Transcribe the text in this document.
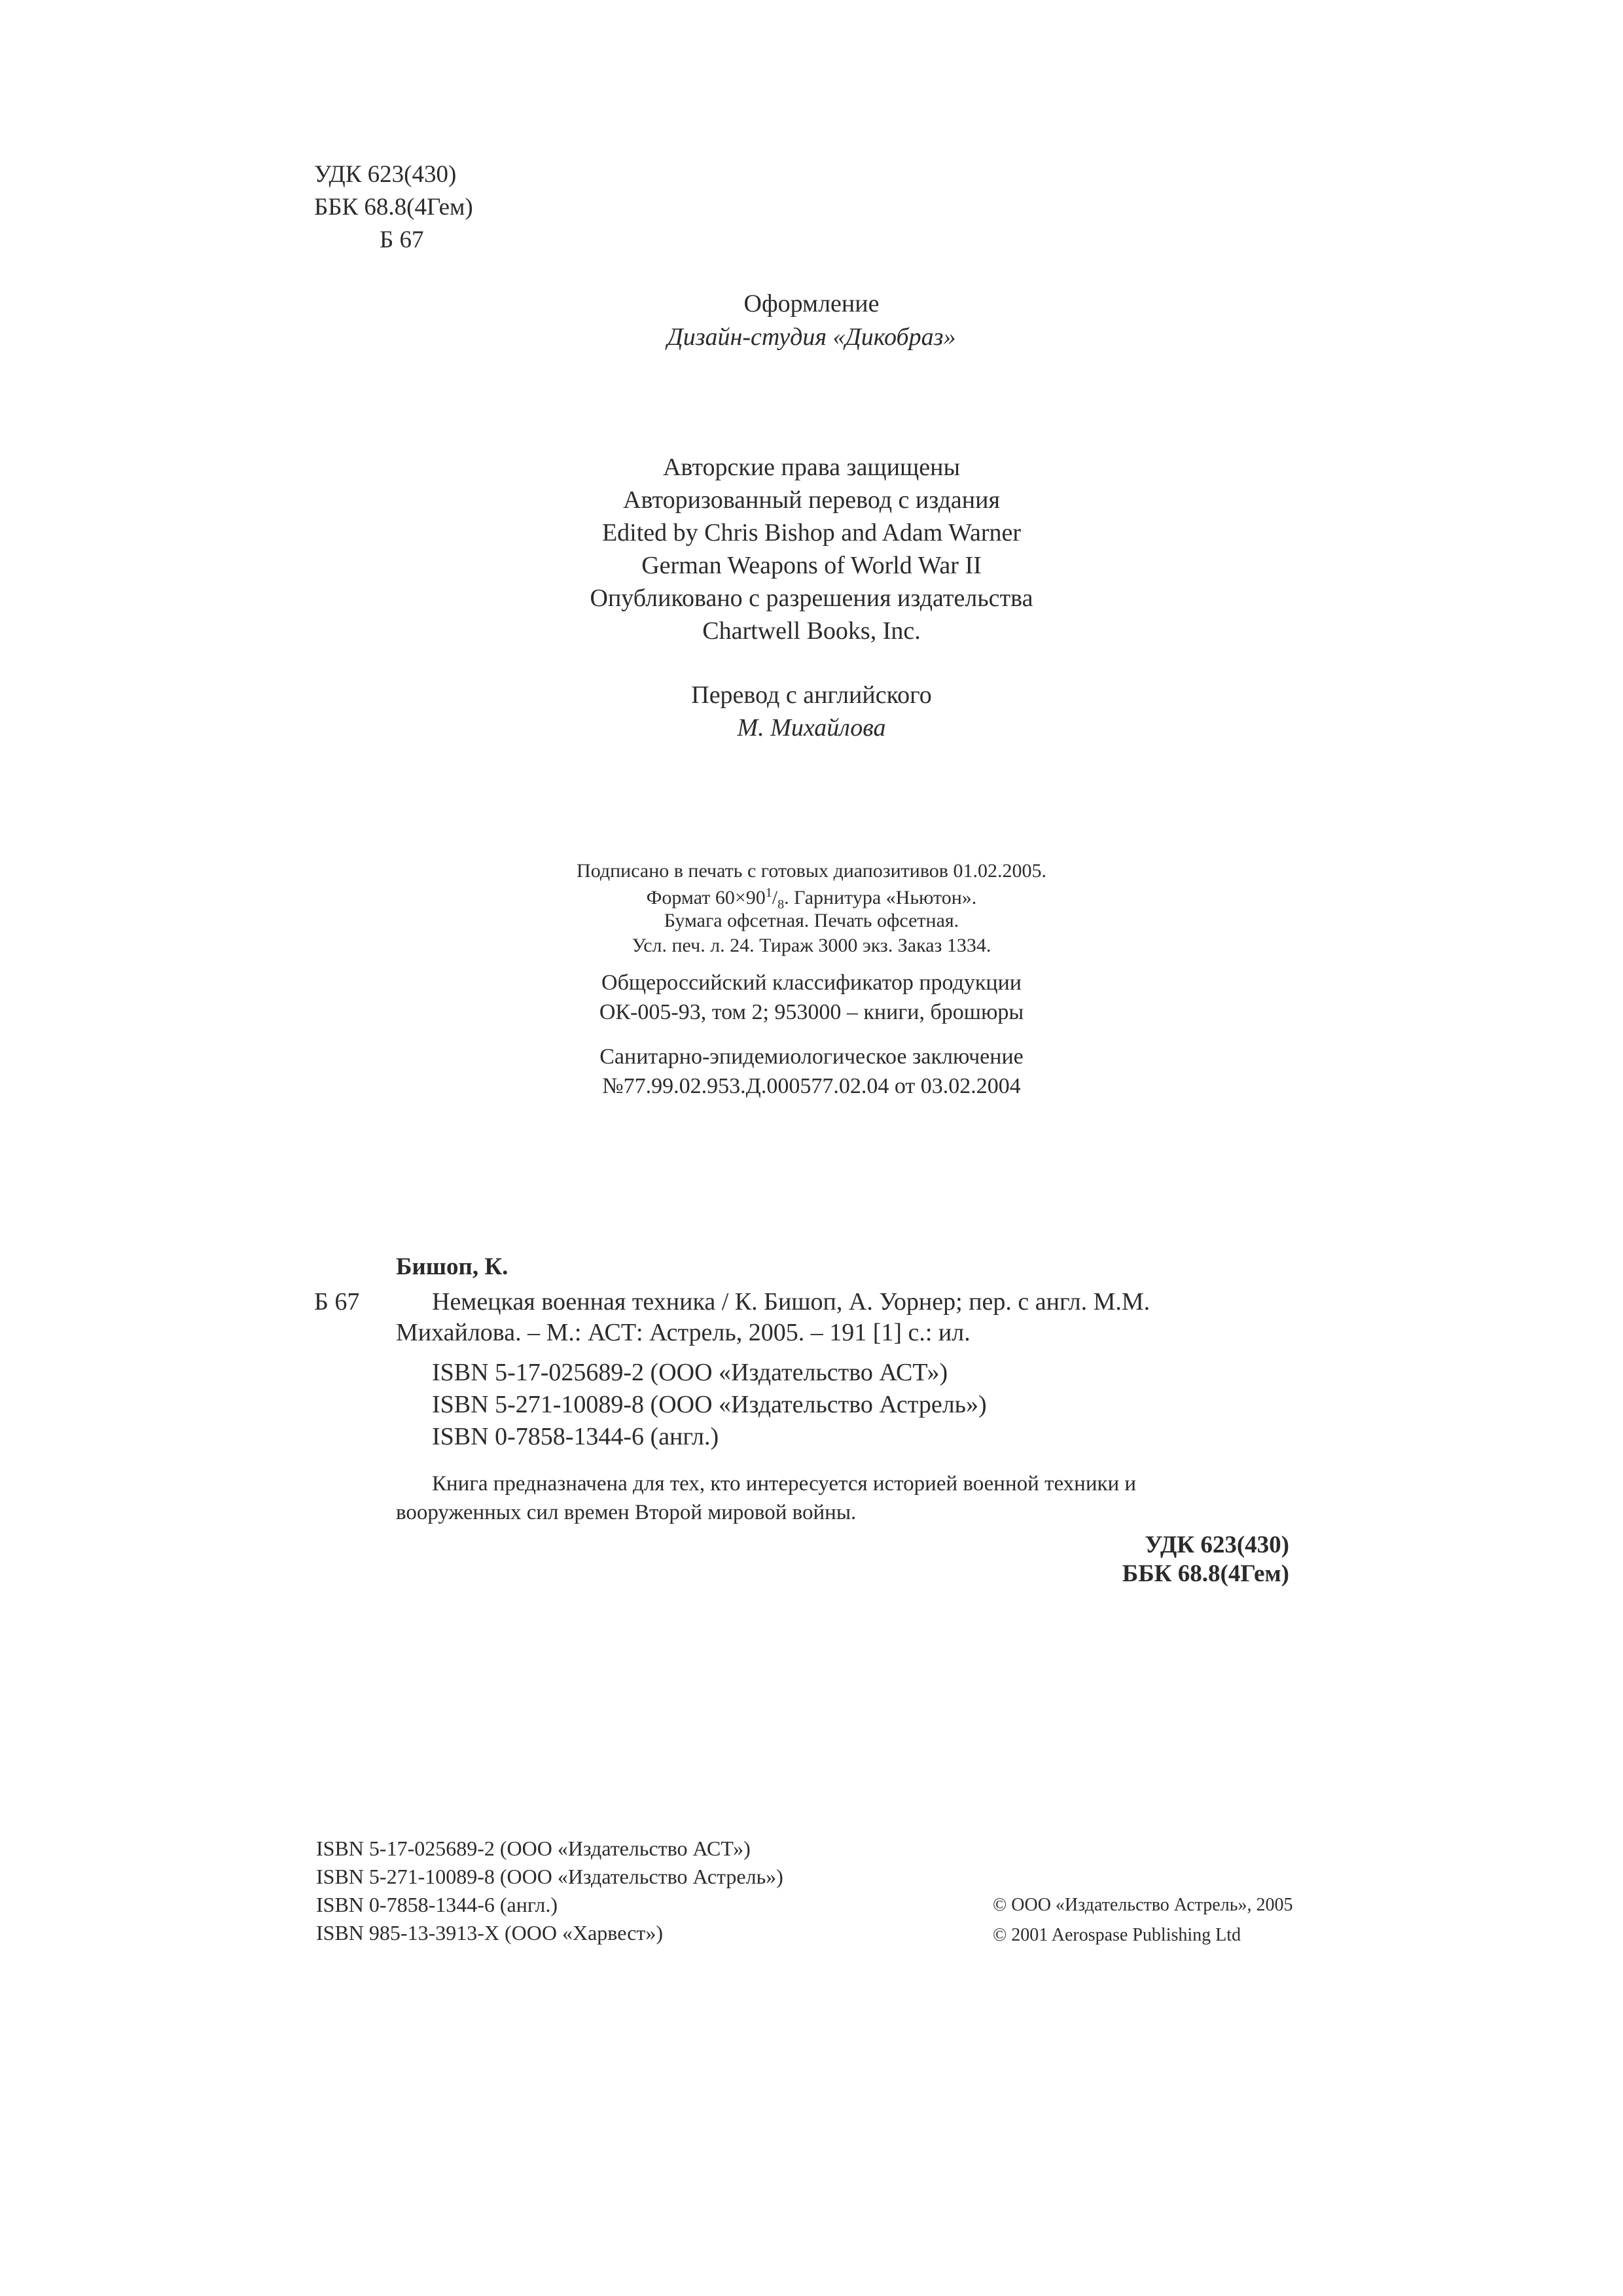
УДК 623(430)
ББК 68.8(4Гем)
Б 67
Оформление
Дизайн-студия «Дикобраз»
Авторские права защищены
Авторизованный перевод с издания
Edited by Chris Bishop and Adam Warner
German Weapons of World War II
Опубликовано с разрешения издательства
Chartwell Books, Inc.
Перевод с английского
М. Михайлова
Подписано в печать с готовых диапозитивов 01.02.2005.
Формат $60\times 90^1/_8$. Гарнитура «Ньютон».
Бумага офсетная. Печать офсетная.
Усл. печ. л. 24. Тираж 3000 экз. Заказ 1334.
Общероссийский классификатор продукции
ОК-005-93, том 2; 953000 – книги, брошюры
Санитарно-эпидемиологическое заключение
№77.99.02.953.Д.000577.02.04 от 03.02.2004
Бишоп, К.
Б 67	Немецкая военная техника / К. Бишоп, А. Уорнер; пер. с англ. М.М.
Михайлова. – М.: АСТ: Астрель, 2005. – 191 [1] с.: ил.
ISBN 5-17-025689-2 (ООО «Издательство АСТ»)
ISBN 5-271-10089-8 (ООО «Издательство Астрель»)
ISBN 0-7858-1344-6 (англ.)
Книга предназначена для тех, кто интересуется историей военной техники и
вооруженных сил времен Второй мировой войны.
УДК 623(430)
ББК 68.8(4Гем)
ISBN 5-17-025689-2 (ООО «Издательство АСТ»)
ISBN 5-271-10089-8 (ООО «Издательство Астрель»)
ISBN 0-7858-1344-6 (англ.)
ISBN 985-13-3913-X (ООО «Харвест»)
© ООО «Издательство Астрель», 2005
© 2001 Aerospase Publishing Ltd
